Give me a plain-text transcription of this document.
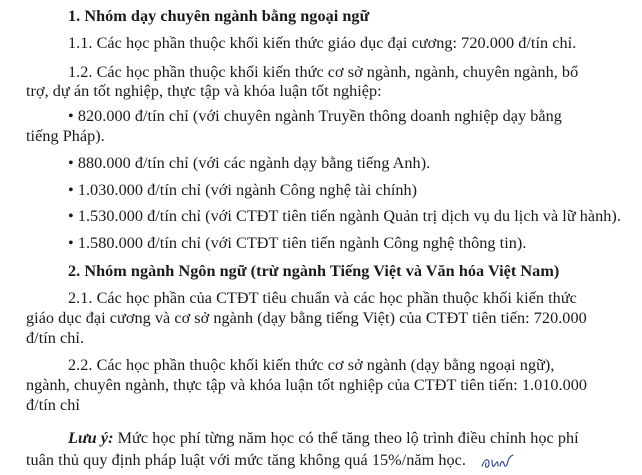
1. Nhóm dạy chuyên ngành bằng ngoại ngữ
1.1. Các học phần thuộc khối kiến thức giáo dục đại cương: 720.000 đ/tín chỉ.
1.2. Các học phần thuộc khối kiến thức cơ sở ngành, ngành, chuyên ngành, bổ
trợ, dự án tốt nghiệp, thực tập và khóa luận tốt nghiệp:
• 820.000 đ/tín chỉ (với chuyên ngành Truyền thông doanh nghiệp dạy bằng
tiếng Pháp).
• 880.000 đ/tín chỉ (với các ngành dạy bằng tiếng Anh).
• 1.030.000 đ/tín chỉ (với ngành Công nghệ tài chính)
• 1.530.000 đ/tín chỉ (với CTĐT tiên tiến ngành Quản trị dịch vụ du lịch và lữ hành).
• 1.580.000 đ/tín chỉ (với CTĐT tiên tiến ngành Công nghệ thông tin).
2. Nhóm ngành Ngôn ngữ (trừ ngành Tiếng Việt và Văn hóa Việt Nam)
2.1. Các học phần của CTĐT tiêu chuẩn và các học phần thuộc khối kiến thức
giáo dục đại cương và cơ sở ngành (dạy bằng tiếng Việt) của CTĐT tiên tiến: 720.000
đ/tín chỉ.
2.2. Các học phần thuộc khối kiến thức cơ sở ngành (dạy bằng ngoại ngữ),
ngành, chuyên ngành, thực tập và khóa luận tốt nghiệp của CTĐT tiên tiến: 1.010.000
đ/tín chỉ
Lưu ý: Mức học phí từng năm học có thể tăng theo lộ trình điều chỉnh học phí
tuân thủ quy định pháp luật với mức tăng không quá 15%/năm học.
